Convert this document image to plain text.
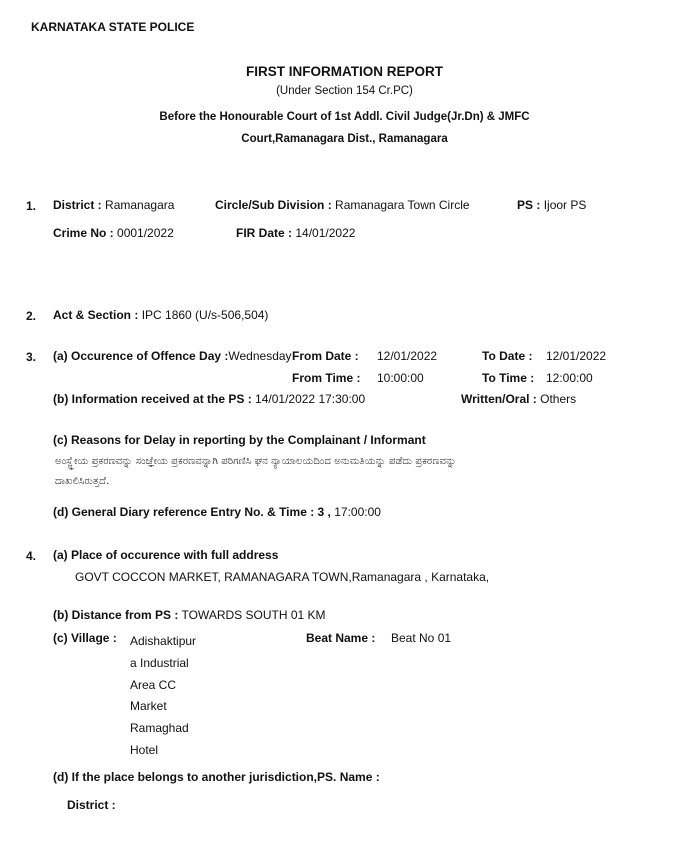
KARNATAKA STATE POLICE
FIRST INFORMATION REPORT
(Under Section 154 Cr.PC)
Before the Honourable Court of 1st Addl. Civil Judge(Jr.Dn) & JMFC
Court,Ramanagara Dist., Ramanagara
1. District : Ramanagara	Circle/Sub Division : Ramanagara Town Circle	PS : Ijoor PS
Crime No : 0001/2022	FIR Date : 14/01/2022
2. Act & Section : IPC 1860 (U/s-506,504)
3. (a) Occurence of Offence Day :Wednesday From Date : 12/01/2022	To Date : 12/01/2022
From Time : 10:00:00	To Time : 12:00:00
(b) Information received at the PS : 14/01/2022 17:30:00	Written/Oral : Others
(c) Reasons for Delay in reporting by the Complainant / Informant
ಅಂಸ್ಜ್ಞೇಯ ಪ್ರಕರಣವನ್ನು ಸಂಜ್ಞೇಯ ಪ್ರಕರಣವನ್ನಾಗಿ ಪರಿಗಣಿಸಿ ಘನ ನ್ಯಾಯಾಲಯದಿಂದ ಅನುಮತಿಯನ್ನು ಪಡೆದು ಪ್ರಕರಣವನ್ನು
ದಾಖಲಿಸಿರುತ್ತದೆ.
(d) General Diary reference Entry No. & Time : 3 , 17:00:00
4. (a) Place of occurence with full address
GOVT COCCON MARKET, RAMANAGARA TOWN,Ramanagara , Karnataka,
(b) Distance from PS : TOWARDS SOUTH 01 KM
(c) Village : Adishaktipur
a Industrial
Area CC
Market
Ramaghad
Hotel
Beat Name : Beat No 01
(d) If the place belongs to another jurisdiction,PS. Name :
District :
